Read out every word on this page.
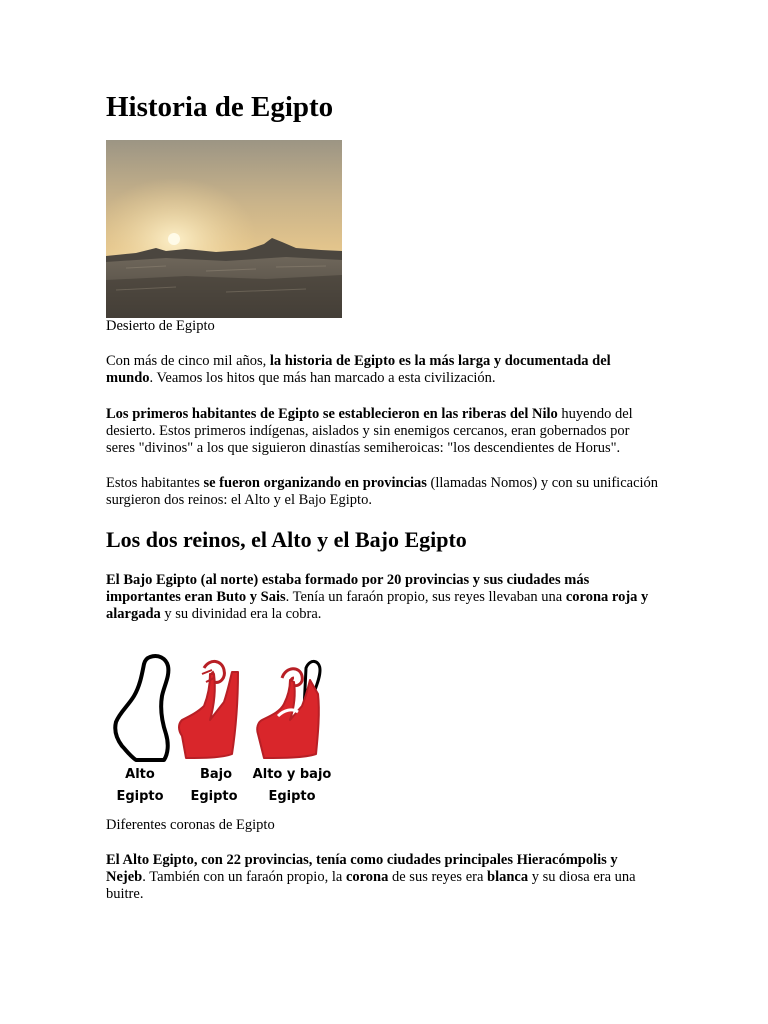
Historia de Egipto
Desierto de Egipto

Con más de cinco mil años, la historia de Egipto es la más larga y documentada del mundo. Veamos los hitos que más han marcado a esta civilización.

Los primeros habitantes de Egipto se establecieron en las riberas del Nilo huyendo del desierto. Estos primeros indígenas, aislados y sin enemigos cercanos, eran gobernados por seres "divinos" a los que siguieron dinastías semiheroicas: "los descendientes de Horus".

Estos habitantes se fueron organizando en provincias (llamadas Nomos) y con su unificación surgieron dos reinos: el Alto y el Bajo Egipto.

Los dos reinos, el Alto y el Bajo Egipto

El Bajo Egipto (al norte) estaba formado por 20 provincias y sus ciudades más importantes eran Buto y Sais. Tenía un faraón propio, sus reyes llevaban una corona roja y alargada y su divinidad era la cobra.

Alto
Egipto
Bajo
Egipto
Alto y bajo
Egipto
Diferentes coronas de Egipto

El Alto Egipto, con 22 provincias, tenía como ciudades principales Hieracómpolis y Nejeb. También con un faraón propio, la corona de sus reyes era blanca y su diosa era una buitre.
